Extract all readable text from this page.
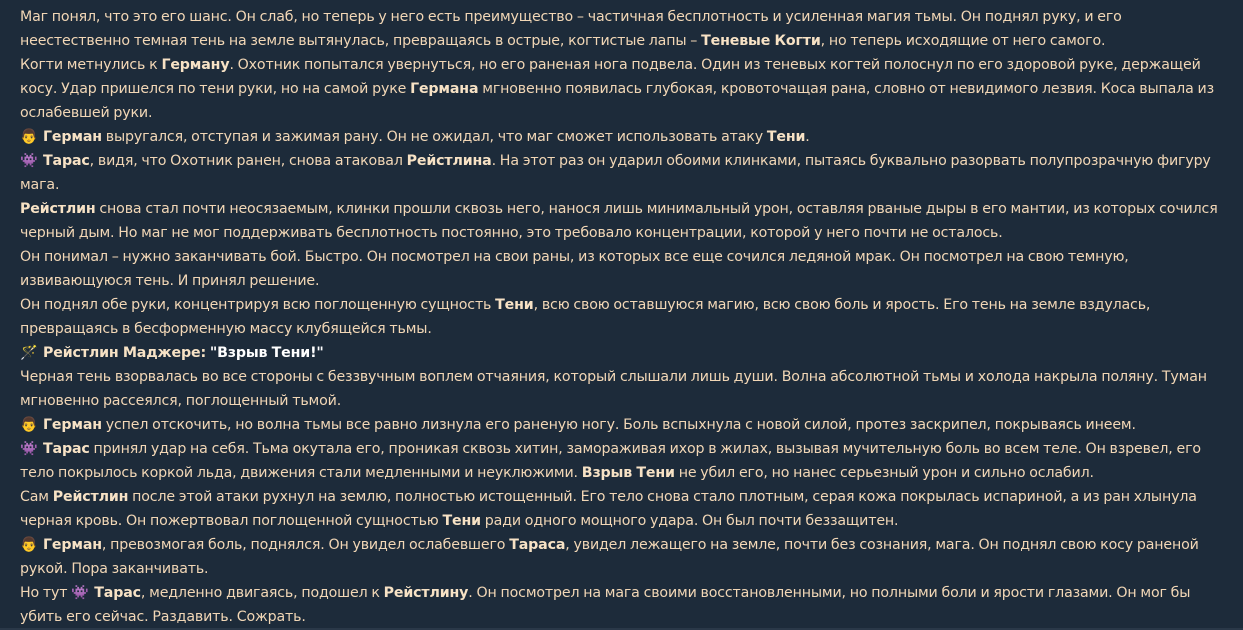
Маг понял, что это его шанс. Он слаб, но теперь у него есть преимущество – частичная бесплотность и усиленная магия тьмы. Он поднял руку, и его неестественно темная тень на земле вытянулась, превращаясь в острые, когтистые лапы – Теневые Когти, но теперь исходящие от него самого.

Когти метнулись к Герману. Охотник попытался увернуться, но его раненая нога подвела. Один из теневых когтей полоснул по его здоровой руке, держащей косу. Удар пришелся по тени руки, но на самой руке Германа мгновенно появилась глубокая, кровоточащая рана, словно от невидимого лезвия. Коса выпала из ослабевшей руки.

👨 Герман выругался, отступая и зажимая рану. Он не ожидал, что маг сможет использовать атаку Тени.

👾 Тарас, видя, что Охотник ранен, снова атаковал Рейстлина. На этот раз он ударил обоими клинками, пытаясь буквально разорвать полупрозрачную фигуру мага.

Рейстлин снова стал почти неосязаемым, клинки прошли сквозь него, нанося лишь минимальный урон, оставляя рваные дыры в его мантии, из которых сочился черный дым. Но маг не мог поддерживать бесплотность постоянно, это требовало концентрации, которой у него почти не осталось.

Он понимал – нужно заканчивать бой. Быстро. Он посмотрел на свои раны, из которых все еще сочился ледяной мрак. Он посмотрел на свою темную, извивающуюся тень. И принял решение.

Он поднял обе руки, концентрируя всю поглощенную сущность Тени, всю свою оставшуюся магию, всю свою боль и ярость. Его тень на земле вздулась, превращаясь в бесформенную массу клубящейся тьмы.

🪄 Рейстлин Маджере: "Взрыв Тени!"

Черная тень взорвалась во все стороны с беззвучным воплем отчаяния, который слышали лишь души. Волна абсолютной тьмы и холода накрыла поляну. Туман мгновенно рассеялся, поглощенный тьмой.

👨 Герман успел отскочить, но волна тьмы все равно лизнула его раненую ногу. Боль вспыхнула с новой силой, протез заскрипел, покрываясь инеем.

👾 Тарас принял удар на себя. Тьма окутала его, проникая сквозь хитин, замораживая ихор в жилах, вызывая мучительную боль во всем теле. Он взревел, его тело покрылось коркой льда, движения стали медленными и неуклюжими. Взрыв Тени не убил его, но нанес серьезный урон и сильно ослабил.

Сам Рейстлин после этой атаки рухнул на землю, полностью истощенный. Его тело снова стало плотным, серая кожа покрылась испариной, а из ран хлынула черная кровь. Он пожертвовал поглощенной сущностью Тени ради одного мощного удара. Он был почти беззащитен.

👨 Герман, превозмогая боль, поднялся. Он увидел ослабевшего Тараса, увидел лежащего на земле, почти без сознания, мага. Он поднял свою косу раненой рукой. Пора заканчивать.

Но тут 👾 Тарас, медленно двигаясь, подошел к Рейстлину. Он посмотрел на мага своими восстановленными, но полными боли и ярости глазами. Он мог бы убить его сейчас. Раздавить. Сожрать.
